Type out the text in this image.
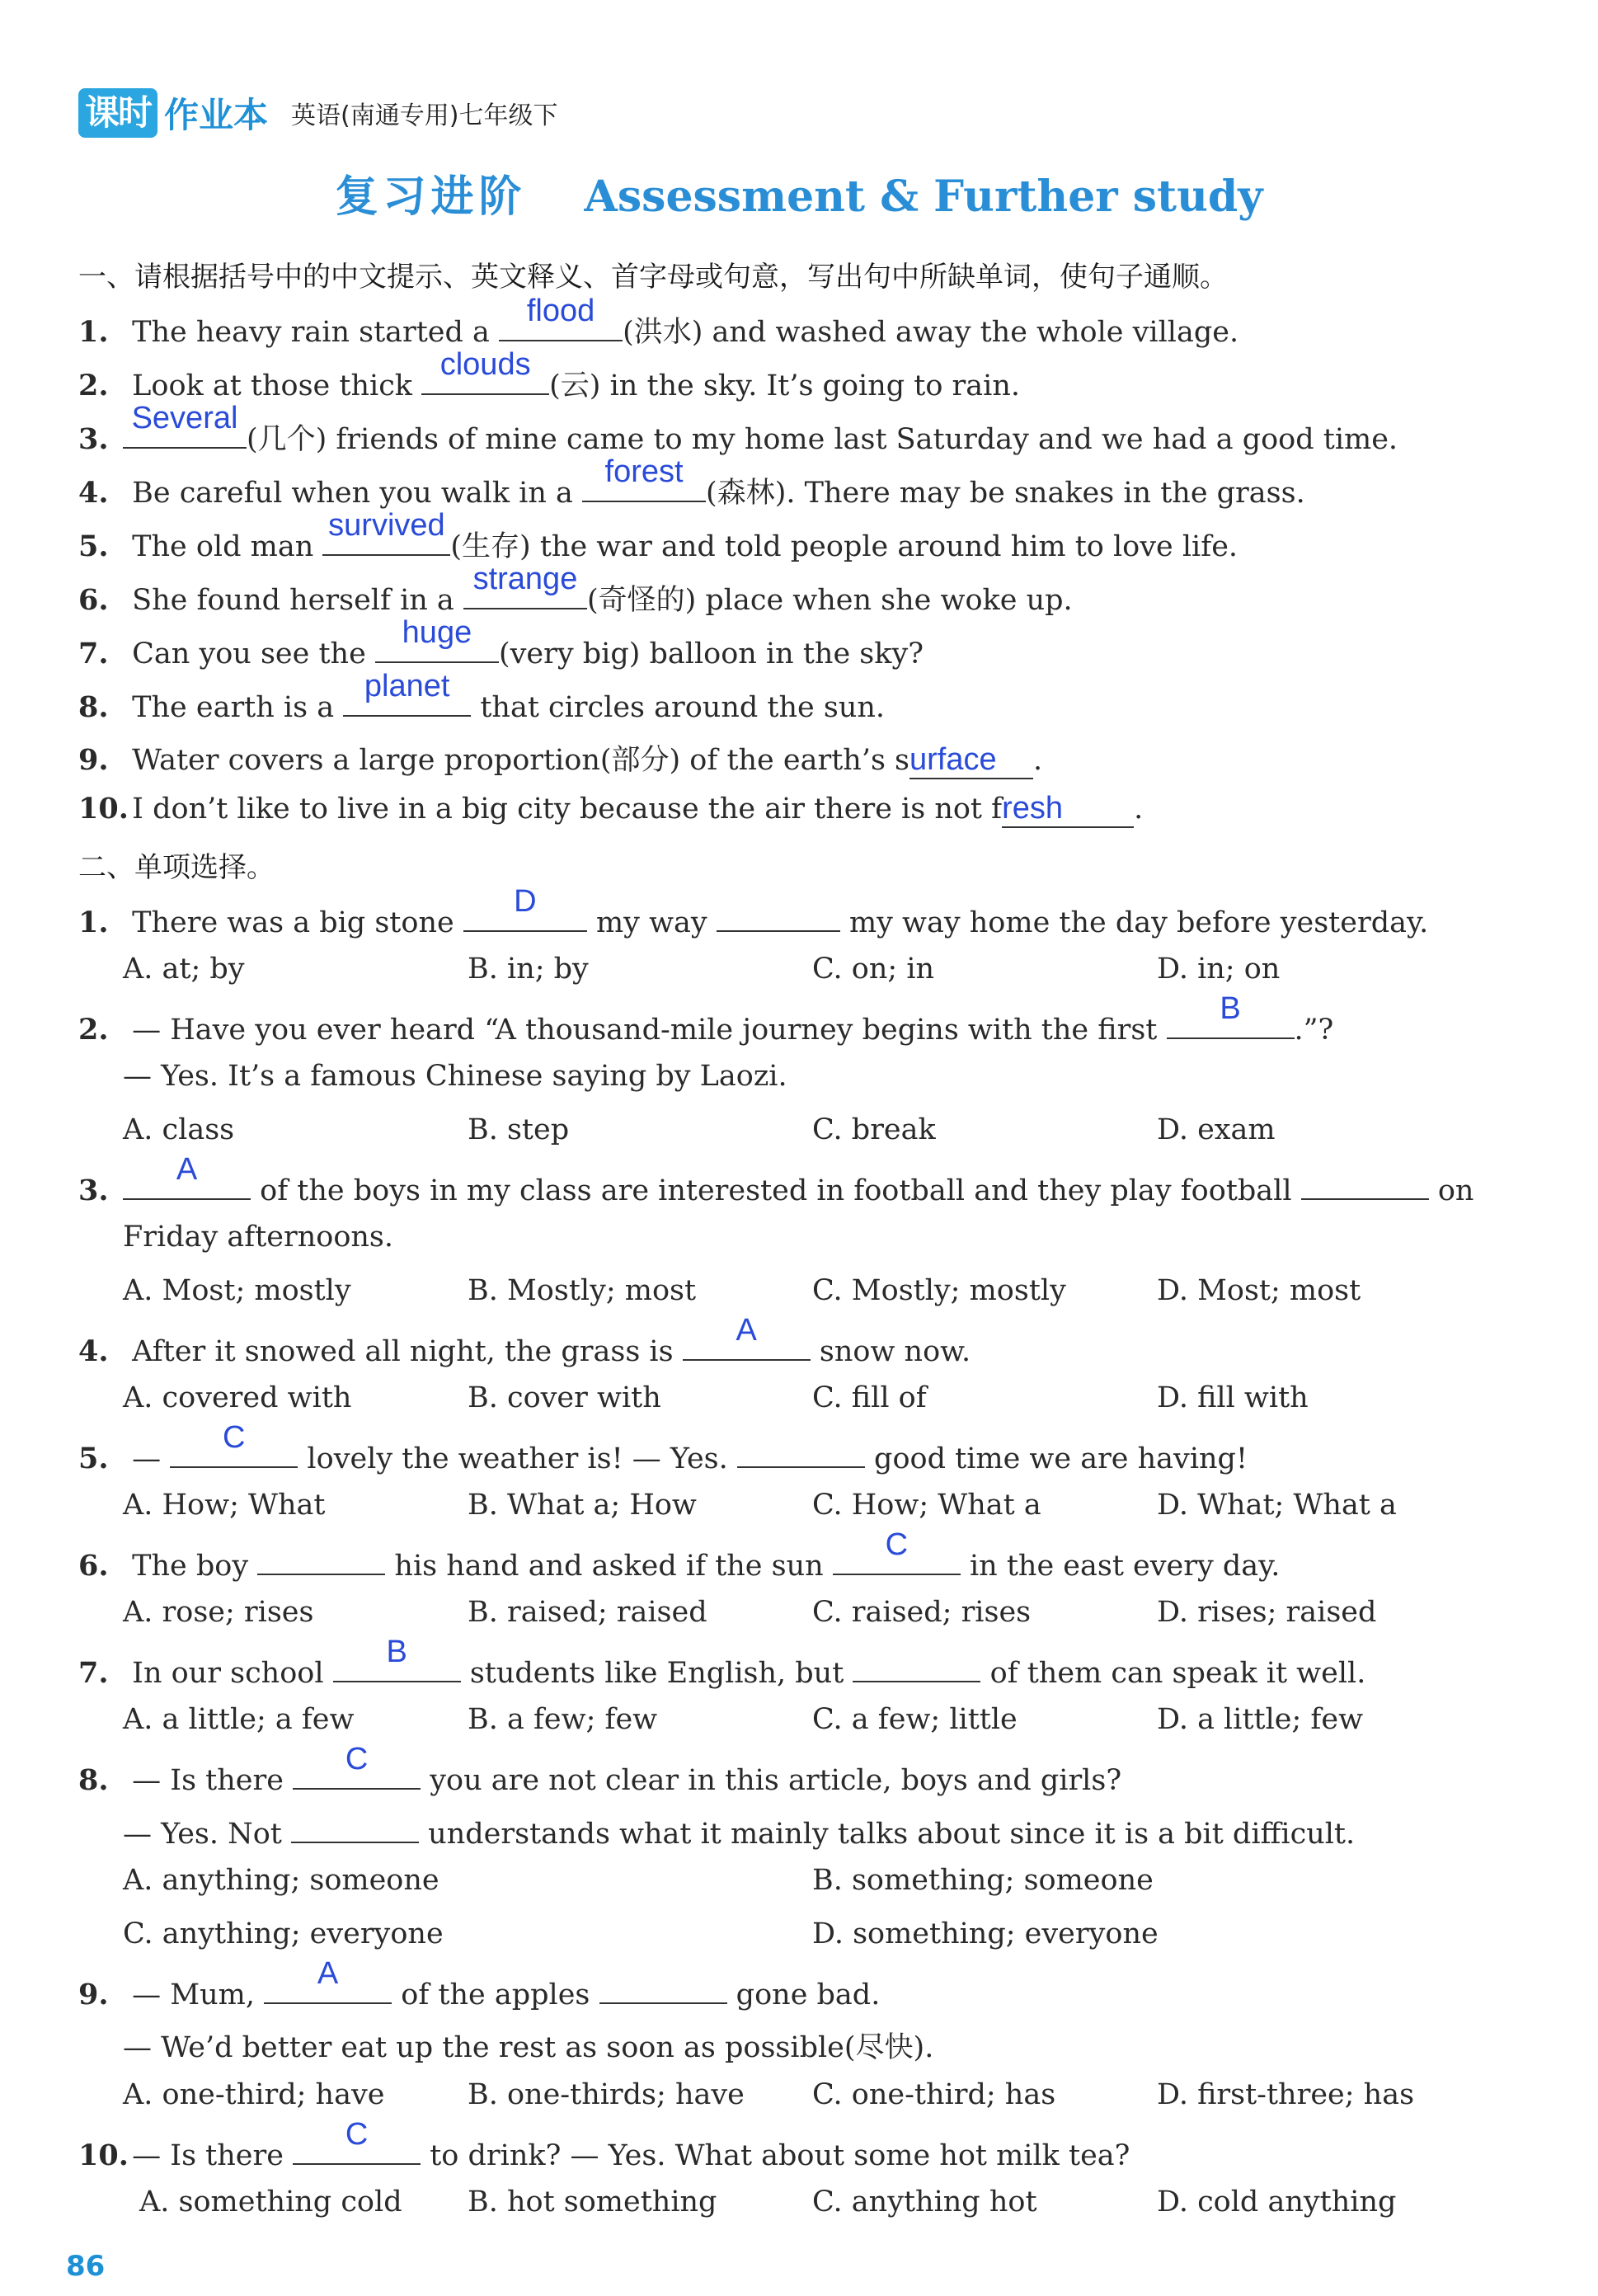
课时 作业本 英语(南通专用)七年级下
复习进阶 Assessment & Further study
一、请根据括号中的中文提示、英文释义、首字母或句意，写出句中所缺单词，使句子通顺。
1. The heavy rain started a
flood
(洪水) and washed away the whole village.
2. Look at those thick
clouds
(云) in the sky. It’s going to rain.
3.
Several
(几个) friends of mine came to my home last Saturday and we had a good time.
4. Be careful when you walk in a
forest
(森林). There may be snakes in the grass.
5. The old man
survived
(生存) the war and told people around him to love life.
6. She found herself in a
strange
(奇怪的) place when she woke up.
7. Can you see the
huge
(very big) balloon in the sky?
8. The earth is a
planet
that circles around the sun.
9. Water covers a large proportion(部分) of the earth’s surface .
10. I don’t like to live in a big city because the air there is not fresh .
二、单项选择。
1. There was a big stone
D
my way	my way home the day before yesterday.
A. at; by	B. in; by	C. on; in	D. in; on
2. — Have you ever heard “A thousand-mile journey begins with the first
B
.”?
— Yes. It’s a famous Chinese saying by Laozi.
A. class	B. step	C. break	D. exam
3.
A
of the boys in my class are interested in football and they play football	on
Friday afternoons.
A. Most; mostly	B. Mostly; most	C. Mostly; mostly	D. Most; most
4. After it snowed all night, the grass is
A
snow now.
A. covered with	B. cover with	C. fill of	D. fill with
5. —
C
lovely the weather is! — Yes.	good time we are having!
A. How; What	B. What a; How	C. How; What a	D. What; What a
6. The boy	his hand and asked if the sun
C
in the east every day.
A. rose; rises	B. raised; raised	C. raised; rises	D. rises; raised
7. In our school
B
students like English, but	of them can speak it well.
A. a little; a few	B. a few; few	C. a few; little	D. a little; few
8. — Is there
C
you are not clear in this article, boys and girls?
— Yes. Not	understands what it mainly talks about since it is a bit difficult.
A. anything; someone	B. something; someone
C. anything; everyone	D. something; everyone
9. — Mum,
A
of the apples	gone bad.
— We’d better eat up the rest as soon as possible(尽快).
A. one-third; have	B. one-thirds; have C. one-third; has	D. first-three; has
10. — Is there
C
to drink? — Yes. What about some hot milk tea?
A. something cold B. hot something	C. anything hot	D. cold anything
86
